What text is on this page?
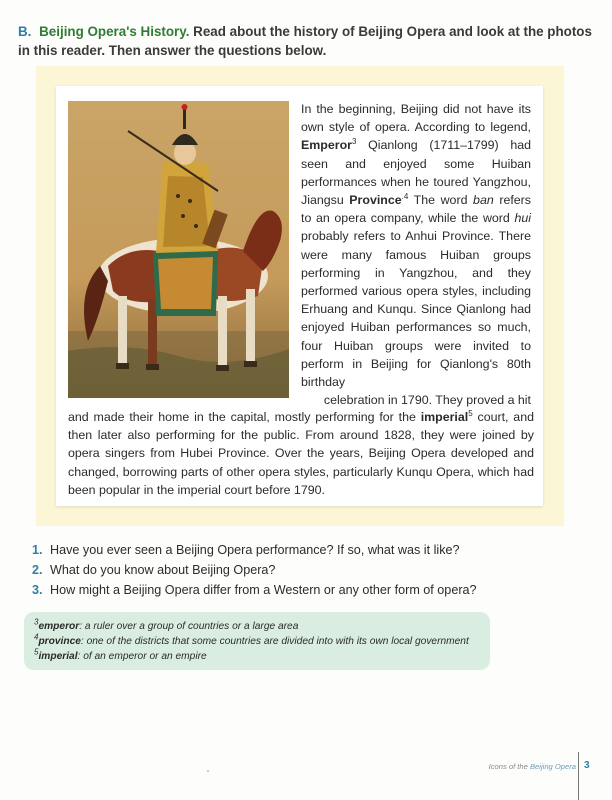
B. Beijing Opera's History. Read about the history of Beijing Opera and look at the photos in this reader. Then answer the questions below.

In the beginning, Beijing did not have its own style of opera. According to legend, Emperor$^3$ Qianlong (1711–1799) had seen and enjoyed some Huiban performances when he toured Yangzhou, Jiangsu Province$^{.4}$ The word ban refers to an opera company, while the word hui probably refers to Anhui Province. There were many famous Huiban groups performing in Yangzhou, and they performed various opera styles, including Erhuang and Kunqu. Since Qianlong had enjoyed Huiban performances so much, four Huiban groups were invited to perform in Beijing for Qianlong's 80th birthday

celebration in 1790. They proved a hit

and made their home in the capital, mostly performing for the imperial$^5$ court, and then later also performing for the public. From around 1828, they were joined by opera singers from Hubei Province. Over the years, Beijing Opera developed and changed, borrowing parts of other opera styles, particularly Kunqu Opera, which had been popular in the imperial court before 1790.

1. Have you ever seen a Beijing Opera performance? If so, what was it like?
2. What do you know about Beijing Opera?
3. How might a Beijing Opera differ from a Western or any other form of opera?
$^3$emperor: a ruler over a group of countries or a large area
$^4$province: one of the districts that some countries are divided into with its own local government
$^5$imperial: of an emperor or an empire
Icons of the Beijing Opera 3
